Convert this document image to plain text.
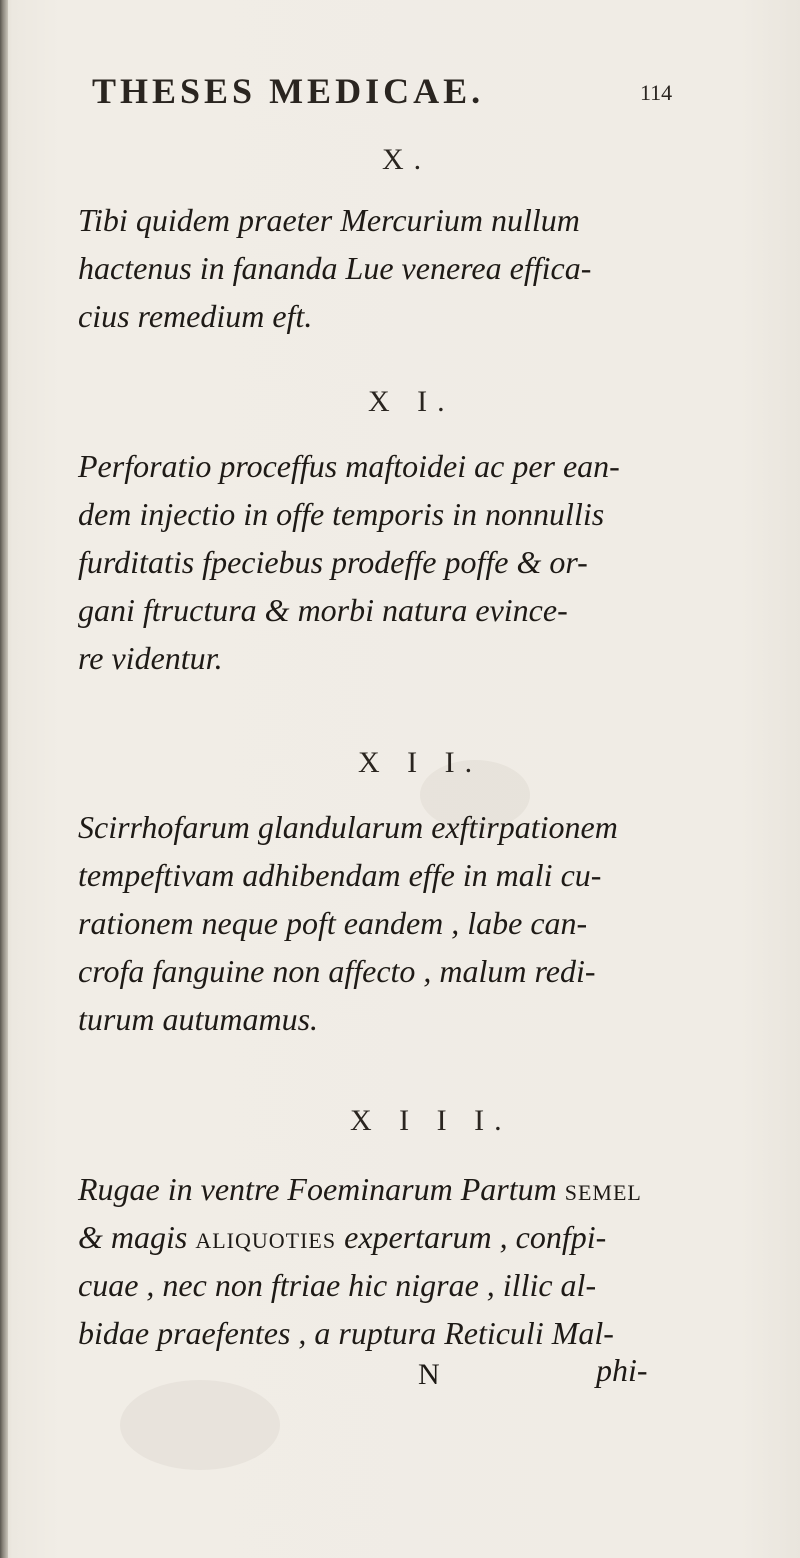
THESES MEDICAE.	114
X.
Tibi quidem praeter Mercurium nullum
hactenus in fananda Lue venerea effica-
cius remedium eft.
X I.
Perforatio proceffus maftoidei ac per ean-
dem injectio in offe temporis in nonnullis
furditatis fpeciebus prodeffe poffe & or-
gani ftructura & morbi natura evince-
re videntur.
X I I.
Scirrhofarum glandularum exftirpationem
tempeftivam adhibendam effe in mali cu-
rationem neque poft eandem , labe can-
crofa fanguine non affecto , malum redi-
turum autumamus.
X I I I.
Rugae in ventre Foeminarum Partum semel
& magis aliquoties expertarum , confpi-
cuae , nec non ftriae hic nigrae , illic al-
bidae praefentes , a ruptura Reticuli Mal-
N	phi-
